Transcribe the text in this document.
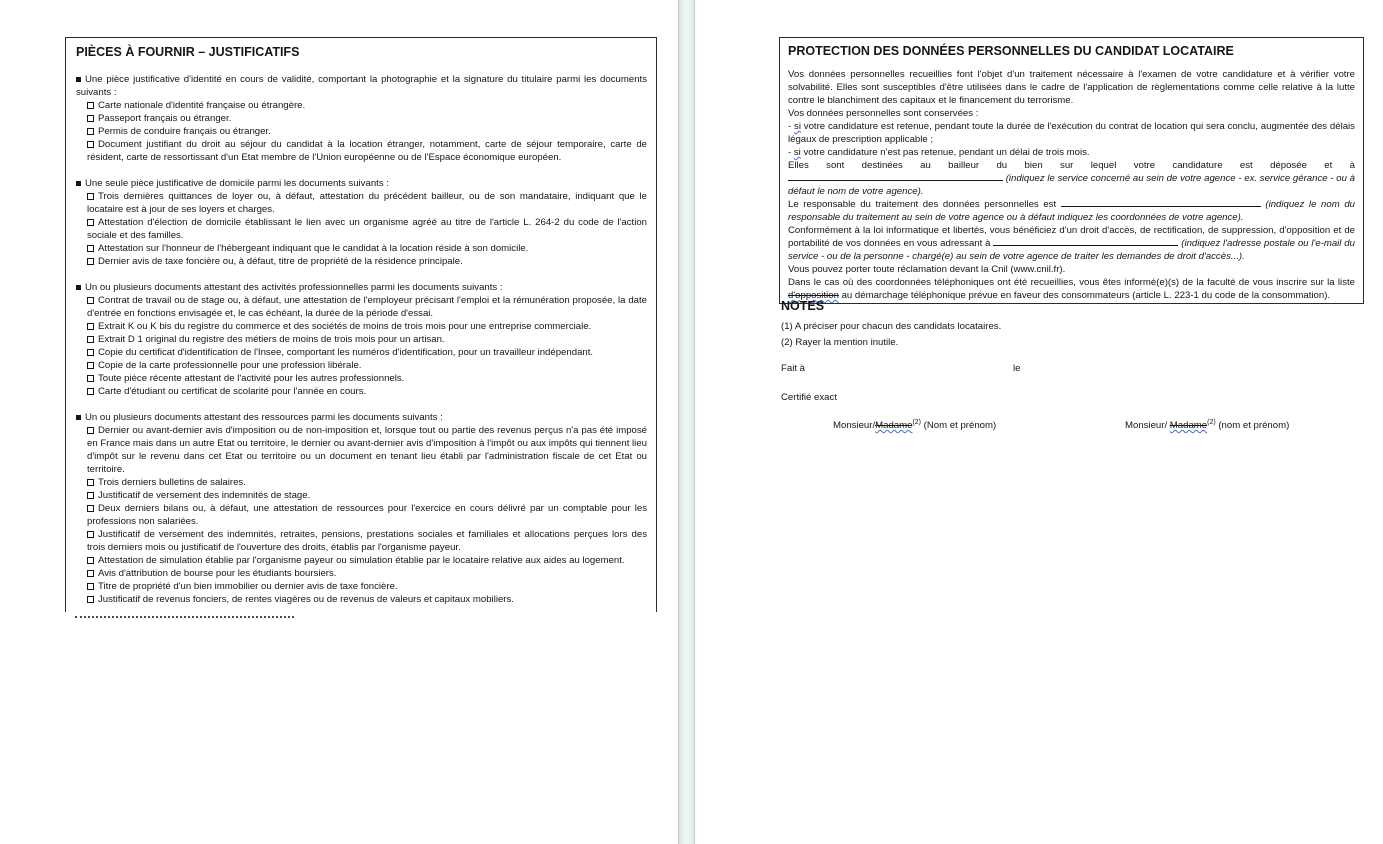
PIÈCES À FOURNIR – JUSTIFICATIFS
Une pièce justificative d'identité en cours de validité, comportant la photographie et la signature du titulaire parmi les documents suivants :
Carte nationale d'identité française ou étrangère.
Passeport français ou étranger.
Permis de conduire français ou étranger.
Document justifiant du droit au séjour du candidat à la location étranger, notamment, carte de séjour temporaire, carte de résident, carte de ressortissant d'un Etat membre de l'Union européenne ou de l'Espace économique européen.
Une seule pièce justificative de domicile parmi les documents suivants :
Trois dernières quittances de loyer ou, à défaut, attestation du précédent bailleur, ou de son mandataire, indiquant que le locataire est à jour de ses loyers et charges.
Attestation d'élection de domicile établissant le lien avec un organisme agréé au titre de l'article L. 264-2 du code de l'action sociale et des familles.
Attestation sur l'honneur de l'hébergeant indiquant que le candidat à la location réside à son domicile.
Dernier avis de taxe foncière ou, à défaut, titre de propriété de la résidence principale.
Un ou plusieurs documents attestant des activités professionnelles parmi les documents suivants :
Contrat de travail ou de stage ou, à défaut, une attestation de l'employeur précisant l'emploi et la rémunération proposée, la date d'entrée en fonctions envisagée et, le cas échéant, la durée de la période d'essai.
Extrait K ou K bis du registre du commerce et des sociétés de moins de trois mois pour une entreprise commerciale.
Extrait D 1 original du registre des métiers de moins de trois mois pour un artisan.
Copie du certificat d'identification de l'Insee, comportant les numéros d'identification, pour un travailleur indépendant.
Copie de la carte professionnelle pour une profession libérale.
Toute pièce récente attestant de l'activité pour les autres professionnels.
Carte d'étudiant ou certificat de scolarité pour l'année en cours.
Un ou plusieurs documents attestant des ressources parmi les documents suivants :
Dernier ou avant-dernier avis d'imposition ou de non-imposition et, lorsque tout ou partie des revenus perçus n'a pas été imposé en France mais dans un autre Etat ou territoire, le dernier ou avant-dernier avis d'imposition à l'impôt ou aux impôts qui tiennent lieu d'impôt sur le revenu dans cet Etat ou territoire ou un document en tenant lieu établi par l'administration fiscale de cet Etat ou territoire.
Trois derniers bulletins de salaires.
Justificatif de versement des indemnités de stage.
Deux derniers bilans ou, à défaut, une attestation de ressources pour l'exercice en cours délivré par un comptable pour les professions non salariées.
Justificatif de versement des indemnités, retraites, pensions, prestations sociales et familiales et allocations perçues lors des trois derniers mois ou justificatif de l'ouverture des droits, établis par l'organisme payeur.
Attestation de simulation établie par l'organisme payeur ou simulation établie par le locataire relative aux aides au logement.
Avis d'attribution de bourse pour les étudiants boursiers.
Titre de propriété d'un bien immobilier ou dernier avis de taxe foncière.
Justificatif de revenus fonciers, de rentes viagères ou de revenus de valeurs et capitaux mobiliers.
PROTECTION DES DONNÉES PERSONNELLES DU CANDIDAT LOCATAIRE

Vos données personnelles recueillies font l'objet d'un traitement nécessaire à l'examen de votre candidature et à vérifier votre solvabilité. Elles sont susceptibles d'être utilisées dans le cadre de l'application de règlementations comme celle relative à la lutte contre le blanchiment des capitaux et le financement du terrorisme.

Vos données personnelles sont conservées :

- si votre candidature est retenue, pendant toute la durée de l'exécution du contrat de location qui sera conclu, augmentée des délais légaux de prescription applicable ;

- si votre candidature n'est pas retenue, pendant un délai de trois mois.

Elles sont destinées au bailleur du bien sur lequel votre candidature est déposée et à  (indiquez le service concerné au sein de votre agence - ex. service gérance - ou à défaut le nom de votre agence).

Le responsable du traitement des données personnelles est	(indiquez le nom du responsable du traitement au sein de votre agence ou à défaut indiquez les coordonnées de votre agence).

Conformément à la loi informatique et libertés, vous bénéficiez d'un droit d'accès, de rectification, de suppression, d'opposition et de portabilité de vos données en vous adressant à	(indiquez l'adresse postale ou l'e-mail du service - ou de la personne - chargé(e) au sein de votre agence de traiter les demandes de droit d'accès...).

Vous pouvez porter toute réclamation devant la Cnil (www.cnil.fr).

Dans le cas où des coordonnées téléphoniques ont été recueillies, vous êtes informé(e)(s) de la faculté de vous inscrire sur la liste d'opposition au démarchage téléphonique prévue en faveur des consommateurs (article L. 223-1 du code de la consommation).

NOTES
(1) A préciser pour chacun des candidats locataires.
(2) Rayer la mention inutile.
Fait à	le
Certifié exact
Monsieur/Madame$^{(2)}$ (Nom et prénom)	Monsieur/ Madame$^{(2)}$ (nom et prénom)
